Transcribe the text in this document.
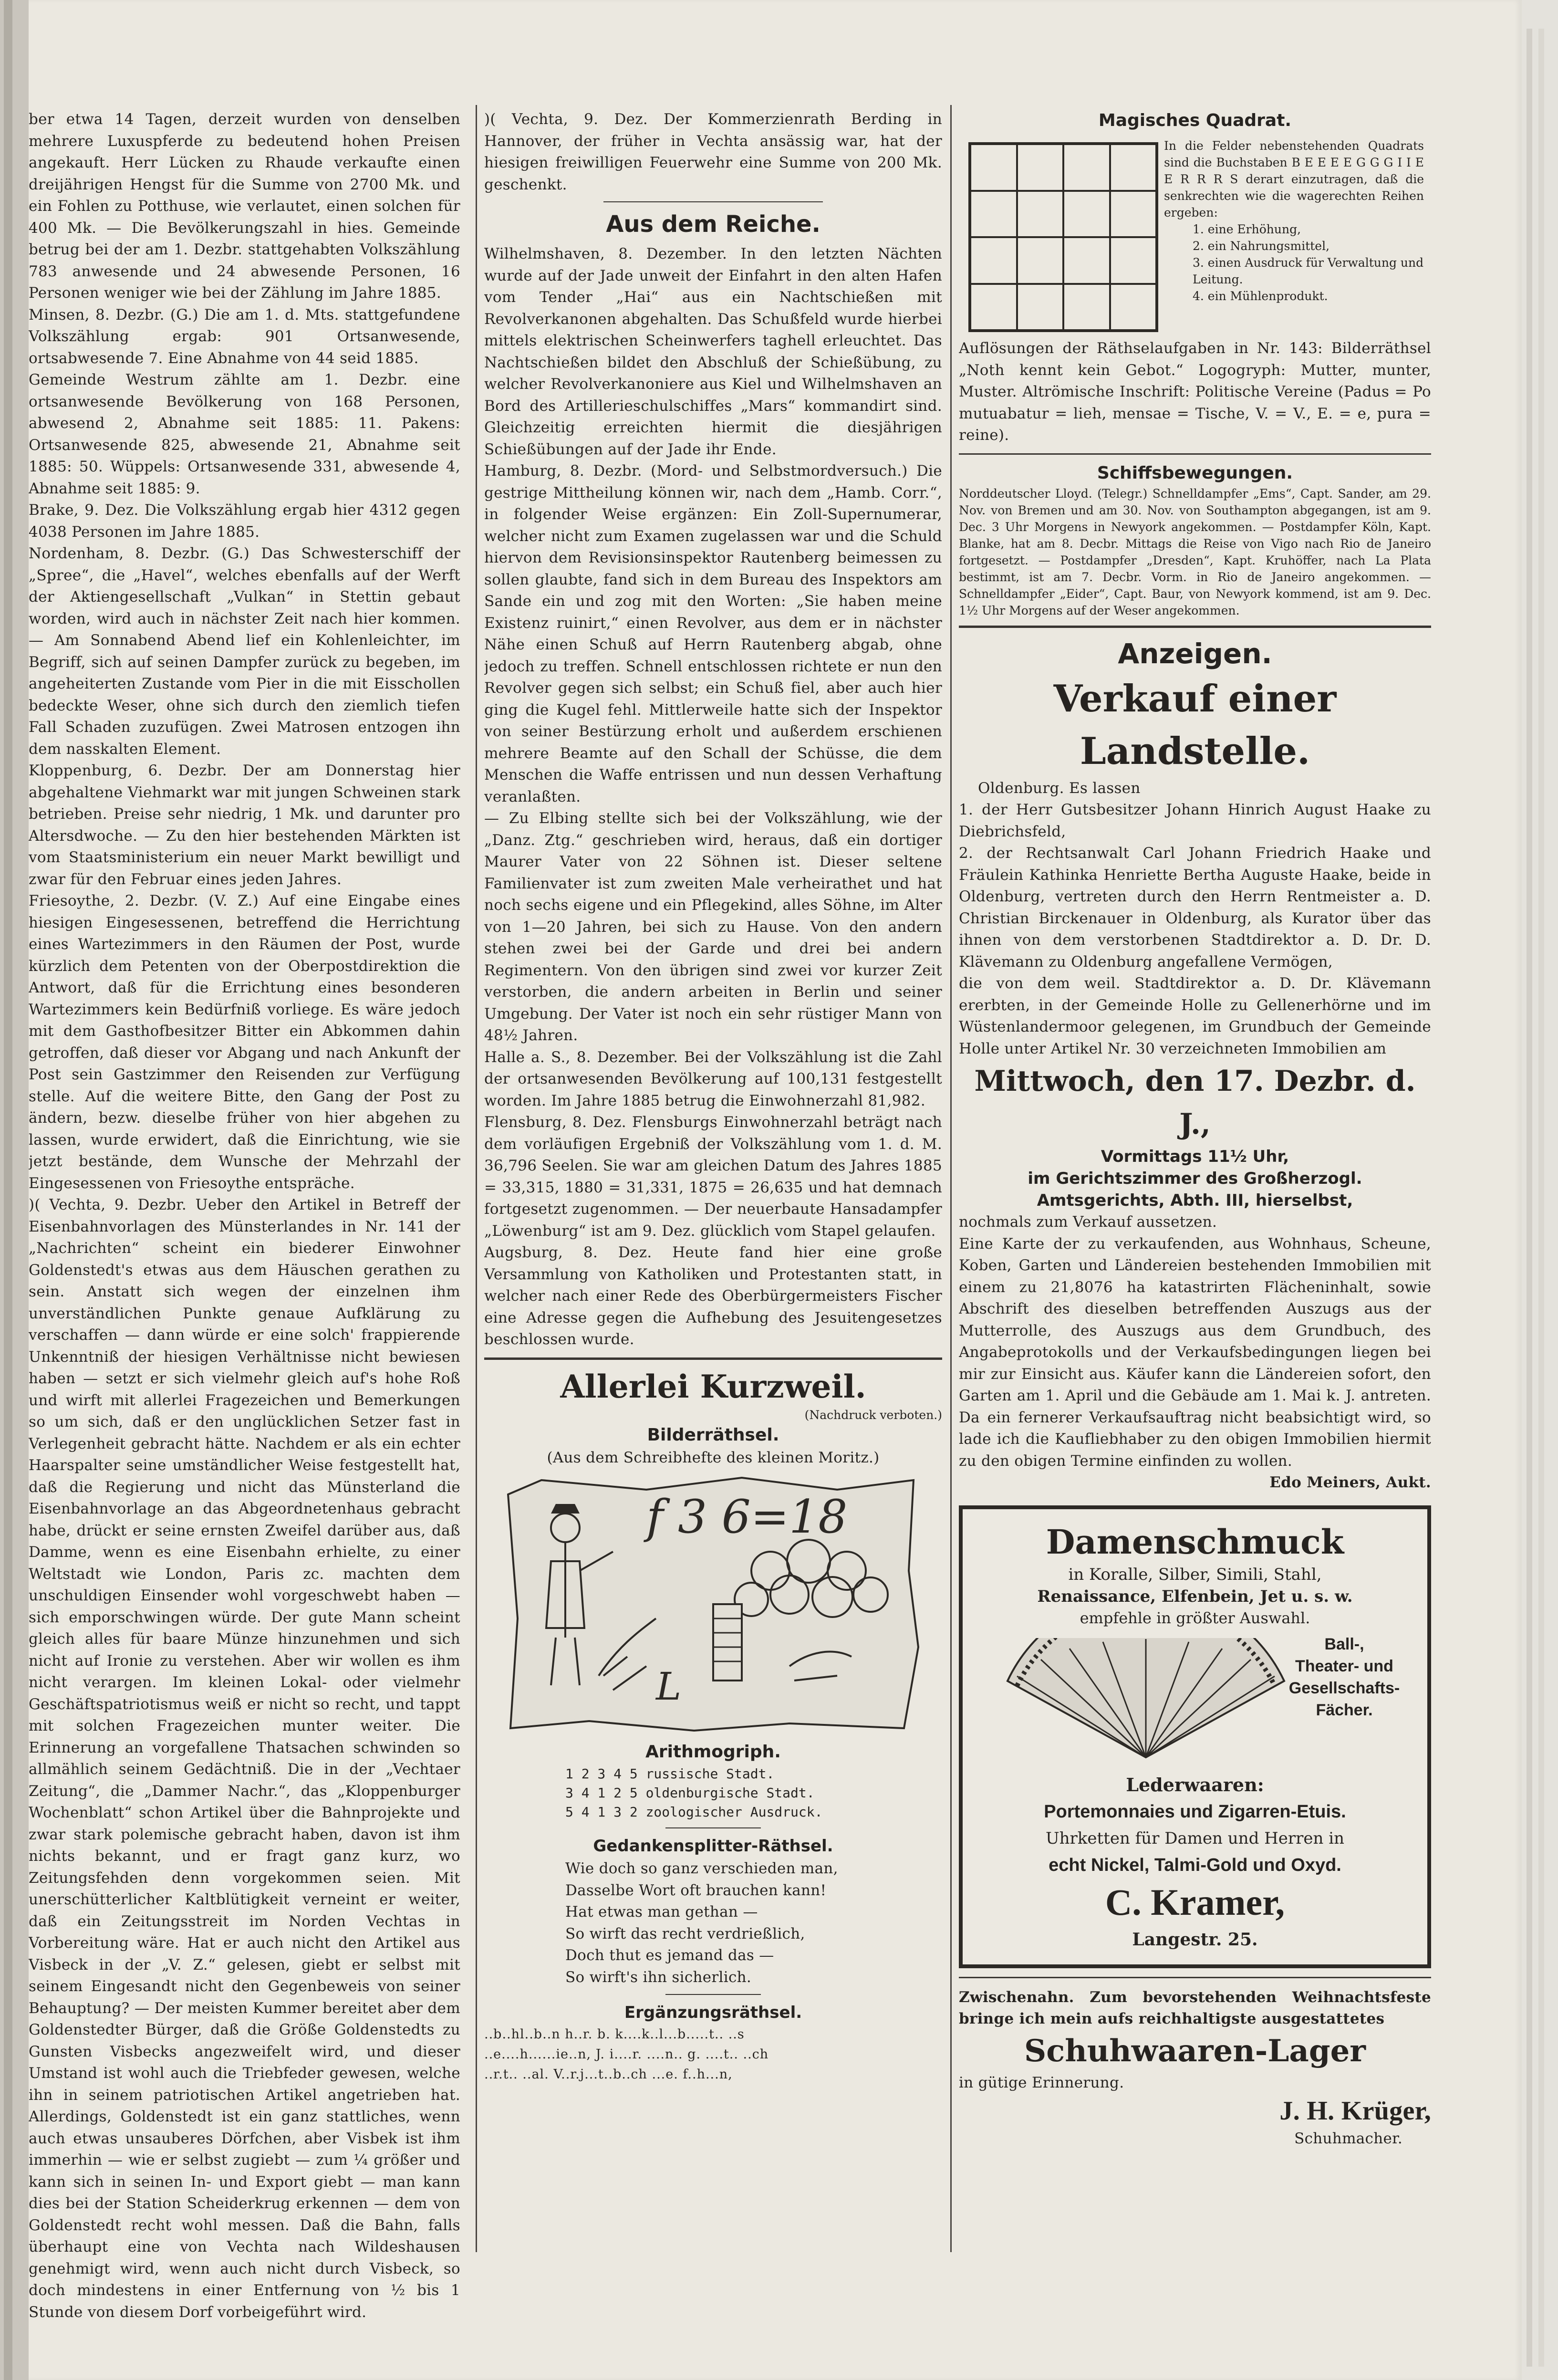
ber etwa 14 Tagen, derzeit wurden von denselben mehrere Luxuspferde zu bedeutend hohen Preisen angekauft. Herr Lücken zu Rhaude verkaufte einen dreijährigen Hengst für die Summe von 2700 Mk. und ein Fohlen zu Potthuse, wie verlautet, einen solchen für 400 Mk. — Die Bevölkerungszahl in hies. Gemeinde betrug bei der am 1. Dezbr. stattgehabten Volkszählung 783 anwesende und 24 abwesende Personen, 16 Personen weniger wie bei der Zählung im Jahre 1885.

Minsen, 8. Dezbr. (G.) Die am 1. d. Mts. stattgefundene Volkszählung ergab: 901 Ortsanwesende, ortsabwesende 7. Eine Abnahme von 44 seid 1885.

Gemeinde Westrum zählte am 1. Dezbr. eine ortsanwesende Bevölkerung von 168 Personen, abwesend 2, Abnahme seit 1885: 11. Pakens: Ortsanwesende 825, abwesende 21, Abnahme seit 1885: 50. Wüppels: Ortsanwesende 331, abwesende 4, Abnahme seit 1885: 9.

Brake, 9. Dez. Die Volkszählung ergab hier 4312 gegen 4038 Personen im Jahre 1885.

Nordenham, 8. Dezbr. (G.) Das Schwesterschiff der „Spree“, die „Havel“, welches ebenfalls auf der Werft der Aktiengesellschaft „Vulkan“ in Stettin gebaut worden, wird auch in nächster Zeit nach hier kommen. — Am Sonnabend Abend lief ein Kohlenleichter, im Begriff, sich auf seinen Dampfer zurück zu begeben, im angeheiterten Zustande vom Pier in die mit Eisschollen bedeckte Weser, ohne sich durch den ziemlich tiefen Fall Schaden zuzufügen. Zwei Matrosen entzogen ihn dem nasskalten Element.

Kloppenburg, 6. Dezbr. Der am Donnerstag hier abgehaltene Viehmarkt war mit jungen Schweinen stark betrieben. Preise sehr niedrig, 1 Mk. und darunter pro Altersdwoche. — Zu den hier bestehenden Märkten ist vom Staatsministerium ein neuer Markt bewilligt und zwar für den Februar eines jeden Jahres.

Friesoythe, 2. Dezbr. (V. Z.) Auf eine Eingabe eines hiesigen Eingesessenen, betreffend die Herrichtung eines Wartezimmers in den Räumen der Post, wurde kürzlich dem Petenten von der Oberpostdirektion die Antwort, daß für die Errichtung eines besonderen Wartezimmers kein Bedürfniß vorliege. Es wäre jedoch mit dem Gasthofbesitzer Bitter ein Abkommen dahin getroffen, daß dieser vor Abgang und nach Ankunft der Post sein Gastzimmer den Reisenden zur Verfügung stelle. Auf die weitere Bitte, den Gang der Post zu ändern, bezw. dieselbe früher von hier abgehen zu lassen, wurde erwidert, daß die Einrichtung, wie sie jetzt bestände, dem Wunsche der Mehrzahl der Eingesessenen von Friesoythe entspräche.

)( Vechta, 9. Dezbr. Ueber den Artikel in Betreff der Eisenbahnvorlagen des Münsterlandes in Nr. 141 der „Nachrichten“ scheint ein biederer Einwohner Goldenstedt's etwas aus dem Häuschen gerathen zu sein. Anstatt sich wegen der einzelnen ihm unverständlichen Punkte genaue Aufklärung zu verschaffen — dann würde er eine solch' frappierende Unkenntniß der hiesigen Verhältnisse nicht bewiesen haben — setzt er sich vielmehr gleich auf's hohe Roß und wirft mit allerlei Fragezeichen und Bemerkungen so um sich, daß er den unglücklichen Setzer fast in Verlegenheit gebracht hätte. Nachdem er als ein echter Haarspalter seine umständlicher Weise festgestellt hat, daß die Regierung und nicht das Münsterland die Eisenbahnvorlage an das Abgeordnetenhaus gebracht habe, drückt er seine ernsten Zweifel darüber aus, daß Damme, wenn es eine Eisenbahn erhielte, zu einer Weltstadt wie London, Paris zc. machten dem unschuldigen Einsender wohl vorgeschwebt haben — sich emporschwingen würde. Der gute Mann scheint gleich alles für baare Münze hinzunehmen und sich nicht auf Ironie zu verstehen. Aber wir wollen es ihm nicht verargen. Im kleinen Lokal- oder vielmehr Geschäftspatriotismus weiß er nicht so recht, und tappt mit solchen Fragezeichen munter weiter. Die Erinnerung an vorgefallene Thatsachen schwinden so allmählich seinem Gedächtniß. Die in der „Vechtaer Zeitung“, die „Dammer Nachr.“, das „Kloppenburger Wochenblatt“ schon Artikel über die Bahnprojekte und zwar stark polemische gebracht haben, davon ist ihm nichts bekannt, und er fragt ganz kurz, wo Zeitungsfehden denn vorgekommen seien. Mit unerschütterlicher Kaltblütigkeit verneint er weiter, daß ein Zeitungsstreit im Norden Vechtas in Vorbereitung wäre. Hat er auch nicht den Artikel aus Visbeck in der „V. Z.“ gelesen, giebt er selbst mit seinem Eingesandt nicht den Gegenbeweis von seiner Behauptung? — Der meisten Kummer bereitet aber dem Goldenstedter Bürger, daß die Größe Goldenstedts zu Gunsten Visbecks angezweifelt wird, und dieser Umstand ist wohl auch die Triebfeder gewesen, welche ihn in seinem patriotischen Artikel angetrieben hat. Allerdings, Goldenstedt ist ein ganz stattliches, wenn auch etwas unsauberes Dörfchen, aber Visbek ist ihm immerhin — wie er selbst zugiebt — zum ¼ größer und kann sich in seinen In- und Export giebt — man kann dies bei der Station Scheiderkrug erkennen — dem von Goldenstedt recht wohl messen. Daß die Bahn, falls überhaupt eine von Vechta nach Wildeshausen genehmigt wird, wenn auch nicht durch Visbeck, so doch mindestens in einer Entfernung von ½ bis 1 Stunde von diesem Dorf vorbeigeführt wird.

)( Vechta, 9. Dez. Der Kommerzienrath Berding in Hannover, der früher in Vechta ansässig war, hat der hiesigen freiwilligen Feuerwehr eine Summe von 200 Mk. geschenkt.

Aus dem Reiche.

Wilhelmshaven, 8. Dezember. In den letzten Nächten wurde auf der Jade unweit der Einfahrt in den alten Hafen vom Tender „Hai“ aus ein Nachtschießen mit Revolverkanonen abgehalten. Das Schußfeld wurde hierbei mittels elektrischen Scheinwerfers taghell erleuchtet. Das Nachtschießen bildet den Abschluß der Schießübung, zu welcher Revolverkanoniere aus Kiel und Wilhelmshaven an Bord des Artillerieschulschiffes „Mars“ kommandirt sind. Gleichzeitig erreichten hiermit die diesjährigen Schießübungen auf der Jade ihr Ende.

Hamburg, 8. Dezbr. (Mord- und Selbstmordversuch.) Die gestrige Mittheilung können wir, nach dem „Hamb. Corr.“, in folgender Weise ergänzen: Ein Zoll-Supernumerar, welcher nicht zum Examen zugelassen war und die Schuld hiervon dem Revisionsinspektor Rautenberg beimessen zu sollen glaubte, fand sich in dem Bureau des Inspektors am Sande ein und zog mit den Worten: „Sie haben meine Existenz ruinirt,“ einen Revolver, aus dem er in nächster Nähe einen Schuß auf Herrn Rautenberg abgab, ohne jedoch zu treffen. Schnell entschlossen richtete er nun den Revolver gegen sich selbst; ein Schuß fiel, aber auch hier ging die Kugel fehl. Mittlerweile hatte sich der Inspektor von seiner Bestürzung erholt und außerdem erschienen mehrere Beamte auf den Schall der Schüsse, die dem Menschen die Waffe entrissen und nun dessen Verhaftung veranlaßten.

— Zu Elbing stellte sich bei der Volkszählung, wie der „Danz. Ztg.“ geschrieben wird, heraus, daß ein dortiger Maurer Vater von 22 Söhnen ist. Dieser seltene Familienvater ist zum zweiten Male verheirathet und hat noch sechs eigene und ein Pflegekind, alles Söhne, im Alter von 1—20 Jahren, bei sich zu Hause. Von den andern stehen zwei bei der Garde und drei bei andern Regimentern. Von den übrigen sind zwei vor kurzer Zeit verstorben, die andern arbeiten in Berlin und seiner Umgebung. Der Vater ist noch ein sehr rüstiger Mann von 48½ Jahren.

Halle a. S., 8. Dezember. Bei der Volkszählung ist die Zahl der ortsanwesenden Bevölkerung auf 100,131 festgestellt worden. Im Jahre 1885 betrug die Einwohnerzahl 81,982.

Flensburg, 8. Dez. Flensburgs Einwohnerzahl beträgt nach dem vorläufigen Ergebniß der Volkszählung vom 1. d. M. 36,796 Seelen. Sie war am gleichen Datum des Jahres 1885 = 33,315, 1880 = 31,331, 1875 = 26,635 und hat demnach fortgesetzt zugenommen. — Der neuerbaute Hansadampfer „Löwenburg“ ist am 9. Dez. glücklich vom Stapel gelaufen.

Augsburg, 8. Dez. Heute fand hier eine große Versammlung von Katholiken und Protestanten statt, in welcher nach einer Rede des Oberbürgermeisters Fischer eine Adresse gegen die Aufhebung des Jesuitengesetzes beschlossen wurde.

Allerlei Kurzweil.

(Nachdruck verboten.)

Bilderräthsel.

(Aus dem Schreibhefte des kleinen Moritz.)

f 3 6=18
L

Arithmogriph.

1 2 3 4 5 russische Stadt.
3 4 1 2 5 oldenburgische Stadt.
5 4 1 3 2 zoologischer Ausdruck.

Gedankensplitter-Räthsel.

Wie doch so ganz verschieden man,

Dasselbe Wort oft brauchen kann!

Hat etwas man gethan —

So wirft das recht verdrießlich,

Doch thut es jemand das —

So wirft's ihn sicherlich.

Ergänzungsräthsel.

..b..hl..b..n h..r. b. k....k..l...b.....t.. ..s
..e....h......ie..n, J. i....r. ....n.. g. ....t.. ..ch
..r.t.. ..al. V..r.j...t..b..ch ...e. f..h...n,

Magisches Quadrat.

In die Felder nebenstehenden Quadrats sind die Buchstaben B E E E E G G G I I E E R R R S derart einzutragen, daß die senkrechten wie die wagerechten Reihen ergeben:

1. eine Erhöhung,
2. ein Nahrungsmittel,
3. einen Ausdruck für Verwaltung und Leitung.
4. ein Mühlenprodukt.

Auflösungen der Räthselaufgaben in Nr. 143: Bilderräthsel „Noth kennt kein Gebot.“ Logogryph: Mutter, munter, Muster. Altrömische Inschrift: Politische Vereine (Padus = Po mutuabatur = lieh, mensae = Tische, V. = V., E. = e, pura = reine).

Schiffsbewegungen.

Norddeutscher Lloyd. (Telegr.) Schnelldampfer „Ems“, Capt. Sander, am 29. Nov. von Bremen und am 30. Nov. von Southampton abgegangen, ist am 9. Dec. 3 Uhr Morgens in Newyork angekommen. — Postdampfer Köln, Kapt. Blanke, hat am 8. Decbr. Mittags die Reise von Vigo nach Rio de Janeiro fortgesetzt. — Postdampfer „Dresden“, Kapt. Kruhöffer, nach La Plata bestimmt, ist am 7. Decbr. Vorm. in Rio de Janeiro angekommen. — Schnelldampfer „Eider“, Capt. Baur, von Newyork kommend, ist am 9. Dec. 1½ Uhr Morgens auf der Weser angekommen.

Anzeigen.

Verkauf einer Landstelle.

Oldenburg. Es lassen

1. der Herr Gutsbesitzer Johann Hinrich August Haake zu Diebrichsfeld,

2. der Rechtsanwalt Carl Johann Friedrich Haake und Fräulein Kathinka Henriette Bertha Auguste Haake, beide in Oldenburg, vertreten durch den Herrn Rentmeister a. D. Christian Birckenauer in Oldenburg, als Kurator über das ihnen von dem verstorbenen Stadtdirektor a. D. Dr. D. Klävemann zu Oldenburg angefallene Vermögen,

die von dem weil. Stadtdirektor a. D. Dr. Klävemann ererbten, in der Gemeinde Holle zu Gellenerhörne und im Wüstenlandermoor gelegenen, im Grundbuch der Gemeinde Holle unter Artikel Nr. 30 verzeichneten Immobilien am

Mittwoch, den 17. Dezbr. d. J.,

Vormittags 11½ Uhr,

im Gerichtszimmer des Großherzogl.

Amtsgerichts, Abth. III, hierselbst,

nochmals zum Verkauf aussetzen.

Eine Karte der zu verkaufenden, aus Wohnhaus, Scheune, Koben, Garten und Ländereien bestehenden Immobilien mit einem zu 21,8076 ha katastrirten Flächeninhalt, sowie Abschrift des dieselben betreffenden Auszugs aus der Mutterrolle, des Auszugs aus dem Grundbuch, des Angabeprotokolls und der Verkaufsbedingungen liegen bei mir zur Einsicht aus. Käufer kann die Ländereien sofort, den Garten am 1. April und die Gebäude am 1. Mai k. J. antreten. Da ein fernerer Verkaufsauftrag nicht beabsichtigt wird, so lade ich die Kaufliebhaber zu den obigen Immobilien hiermit zu den obigen Termine einfinden zu wollen.

Edo Meiners, Aukt.

Damenschmuck

in Koralle, Silber, Simili, Stahl,

Renaissance, Elfenbein, Jet u. s. w.

empfehle in größter Auswahl.

Ball-,
Theater- und
Gesellschafts-
Fächer.

Lederwaaren:

Portemonnaies und Zigarren-Etuis.

Uhrketten für Damen und Herren in

echt Nickel, Talmi-Gold und Oxyd.

C. Kramer,

Langestr. 25.

Zwischenahn. Zum bevorstehenden Weihnachtsfeste bringe ich mein aufs reichhaltigste ausgestattetes

Schuhwaaren-Lager

in gütige Erinnerung.

J. H. Krüger,

Schuhmacher.
